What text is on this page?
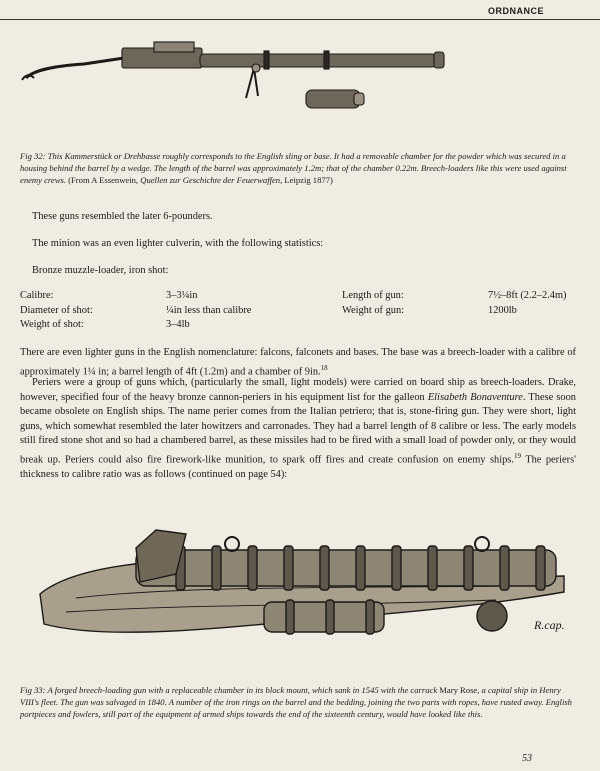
ORDNANCE
Fig 32: This Kammerstück or Drehbasse roughly corresponds to the English sling or base. It had a removable chamber for the powder which was secured in a housing behind the barrel by a wedge. The length of the barrel was approximately 1.2m; that of the chamber 0.22m. Breech-loaders like this were used against enemy crews. (From A Essenwein, Quellen zur Geschichte der Feuerwaffen, Leipzig 1877)

These guns resembled the later 6-pounders.

The minion was an even lighter culverin, with the following statistics:

Bronze muzzle-loader, iron shot:

Calibre:	3–3¼in	Length of gun:	7½–8ft (2.2–2.4m)
Diameter of shot:	¼in less than calibre	Weight of gun:	1200lb
Weight of shot:	3–4lb

There are even lighter guns in the English nomenclature: falcons, falconets and bases. The base was a breech-loader with a calibre of approximately 1¼ in; a barrel length of 4ft (1.2m) and a chamber of 9in.$^{18}$

Periers were a group of guns which, (particularly the small, light models) were carried on board ship as breech-loaders. Drake, however, specified four of the heavy bronze cannon-periers in his equipment list for the galleon Elisabeth Bonaventure. These soon became obsolete on English ships. The name perier comes from the Italian petriero; that is, stone-firing gun. They were short, light guns, which somewhat resembled the later howitzers and carronades. They had a barrel length of 8 calibre or less. The early models still fired stone shot and so had a chambered barrel, as these missiles had to be fired with a small load of powder only, or they would break up. Periers could also fire firework-like munition, to spark off fires and create confusion on enemy ships.$^{19}$ The periers' thickness to calibre ratio was as follows (continued on page 54):

R.cap.
Fig 33: A forged breech-loading gun with a replaceable chamber in its block mount, which sank in 1545 with the carrack Mary Rose, a capital ship in Henry VIII's fleet. The gun was salvaged in 1840. A number of the iron rings on the barrel and the bedding, joining the two parts with ropes, have rusted away. English portpieces and fowlers, still part of the equipment of armed ships towards the end of the sixteenth century, would have looked like this.
53
